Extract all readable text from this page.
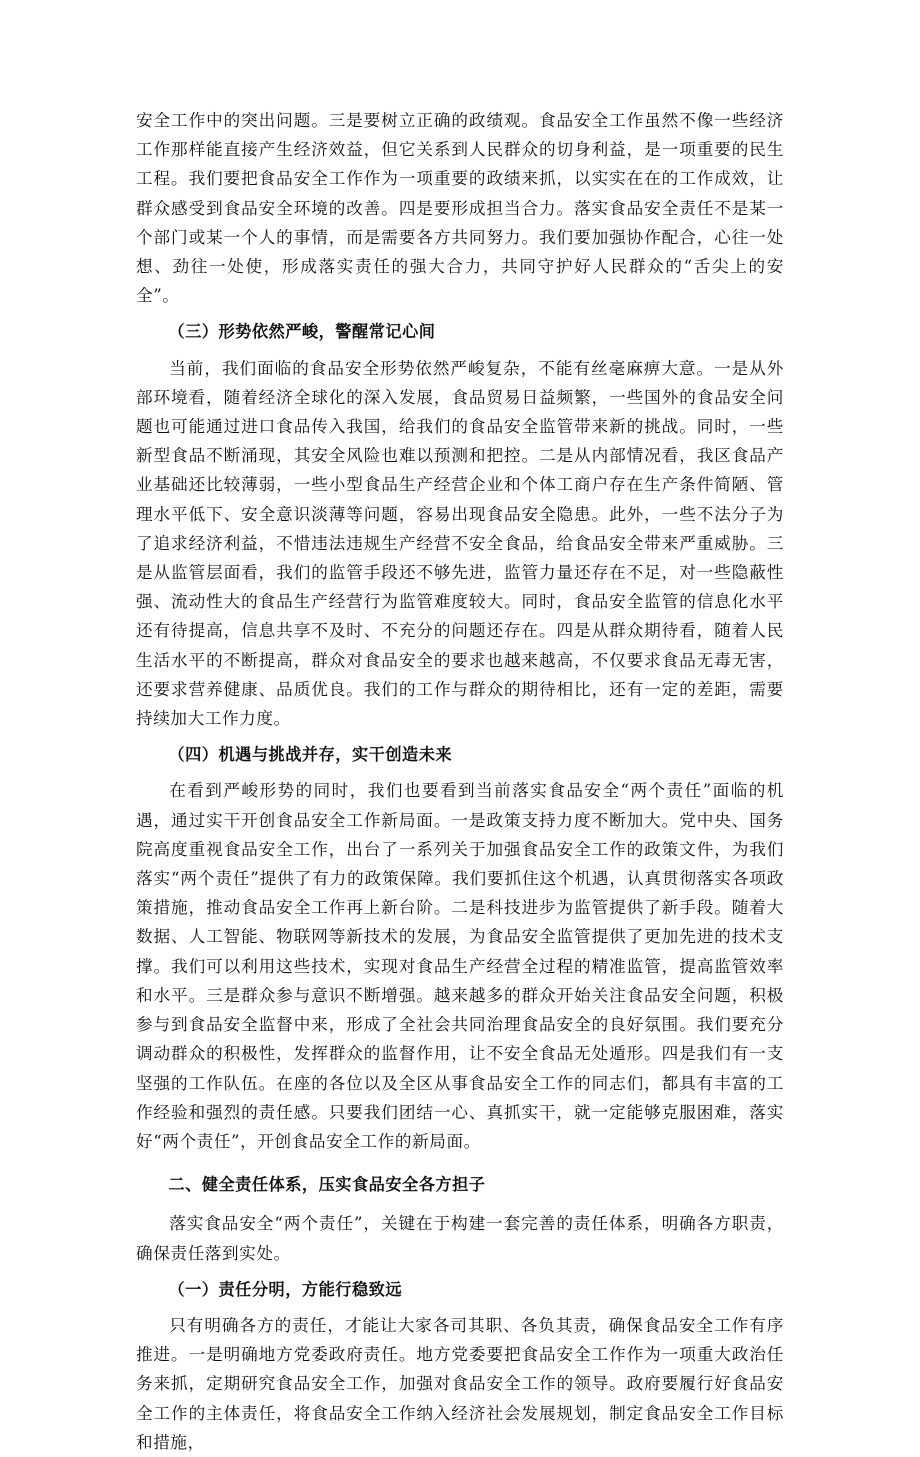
安全工作中的突出问题。三是要树立正确的政绩观。食品安全工作虽然不像一些经济工作那样能直接产生经济效益，但它关系到人民群众的切身利益，是一项重要的民生工程。我们要把食品安全工作作为一项重要的政绩来抓，以实实在在的工作成效，让群众感受到食品安全环境的改善。四是要形成担当合力。落实食品安全责任不是某一个部门或某一个人的事情，而是需要各方共同努力。我们要加强协作配合，心往一处想、劲往一处使，形成落实责任的强大合力，共同守护好人民群众的“舌尖上的安全”。

（三）形势依然严峻，警醒常记心间

当前，我们面临的食品安全形势依然严峻复杂，不能有丝毫麻痹大意。一是从外部环境看，随着经济全球化的深入发展，食品贸易日益频繁，一些国外的食品安全问题也可能通过进口食品传入我国，给我们的食品安全监管带来新的挑战。同时，一些新型食品不断涌现，其安全风险也难以预测和把控。二是从内部情况看，我区食品产业基础还比较薄弱，一些小型食品生产经营企业和个体工商户存在生产条件简陋、管理水平低下、安全意识淡薄等问题，容易出现食品安全隐患。此外，一些不法分子为了追求经济利益，不惜违法违规生产经营不安全食品，给食品安全带来严重威胁。三是从监管层面看，我们的监管手段还不够先进，监管力量还存在不足，对一些隐蔽性强、流动性大的食品生产经营行为监管难度较大。同时，食品安全监管的信息化水平还有待提高，信息共享不及时、不充分的问题还存在。四是从群众期待看，随着人民生活水平的不断提高，群众对食品安全的要求也越来越高，不仅要求食品无毒无害，还要求营养健康、品质优良。我们的工作与群众的期待相比，还有一定的差距，需要持续加大工作力度。

（四）机遇与挑战并存，实干创造未来

在看到严峻形势的同时，我们也要看到当前落实食品安全“两个责任”面临的机遇，通过实干开创食品安全工作新局面。一是政策支持力度不断加大。党中央、国务院高度重视食品安全工作，出台了一系列关于加强食品安全工作的政策文件，为我们落实“两个责任”提供了有力的政策保障。我们要抓住这个机遇，认真贯彻落实各项政策措施，推动食品安全工作再上新台阶。二是科技进步为监管提供了新手段。随着大数据、人工智能、物联网等新技术的发展，为食品安全监管提供了更加先进的技术支撑。我们可以利用这些技术，实现对食品生产经营全过程的精准监管，提高监管效率和水平。三是群众参与意识不断增强。越来越多的群众开始关注食品安全问题，积极参与到食品安全监督中来，形成了全社会共同治理食品安全的良好氛围。我们要充分调动群众的积极性，发挥群众的监督作用，让不安全食品无处遁形。四是我们有一支坚强的工作队伍。在座的各位以及全区从事食品安全工作的同志们，都具有丰富的工作经验和强烈的责任感。只要我们团结一心、真抓实干，就一定能够克服困难，落实好“两个责任”，开创食品安全工作的新局面。

二、健全责任体系，压实食品安全各方担子

落实食品安全“两个责任”，关键在于构建一套完善的责任体系，明确各方职责，确保责任落到实处。

（一）责任分明，方能行稳致远

只有明确各方的责任，才能让大家各司其职、各负其责，确保食品安全工作有序推进。一是明确地方党委政府责任。地方党委要把食品安全工作作为一项重大政治任务来抓，定期研究食品安全工作，加强对食品安全工作的领导。政府要履行好食品安全工作的主体责任，将食品安全工作纳入经济社会发展规划，制定食品安全工作目标和措施，
